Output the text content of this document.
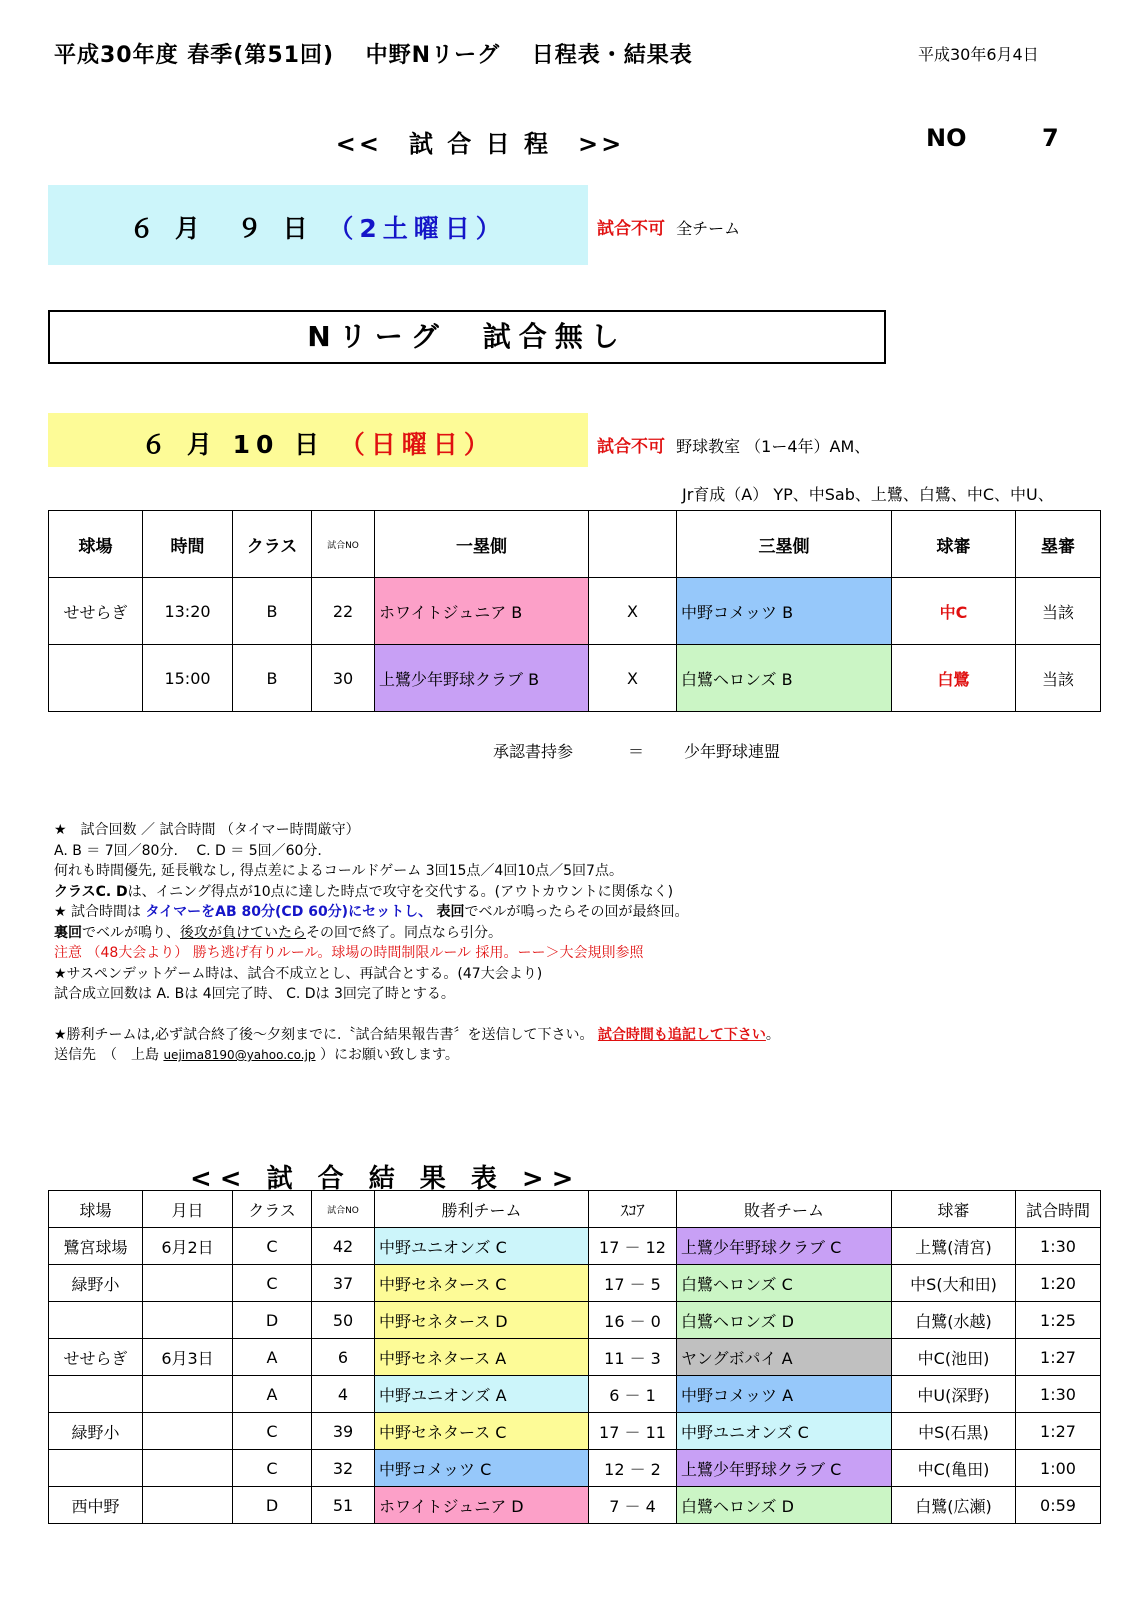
平成30年度 春季(第51回)　 中野Nリーグ　 日程表・結果表	平成30年6月4日
<<　試 合 日 程　>>	NO	7
６ 月　９ 日 （2土曜日）	試合不可 全チーム
Nリーグ　試合無し
６ 月 10 日 （日曜日）	試合不可 野球教室 （1ー4年）AM、
Jr育成（A） YP、中Sab、上鷺、白鷺、中C、中U、
球場	時間	クラス	試合NO	一塁側		三塁側	球審	塁審
せせらぎ	13:20	B	22	ホワイトジュニア B	X	中野コメッツ B	中C	当該
	15:00	B	30	上鷺少年野球クラブ B	X	白鷺ヘロンズ B	白鷺	当該
承認書持参	＝ 少年野球連盟
★　試合回数 ／ 試合時間 （タイマー時間厳守）
A. B ＝ 7回／80分.　 C. D ＝ 5回／60分.
何れも時間優先, 延長戦なし, 得点差によるコールドゲーム 3回15点／4回10点／5回7点。
クラスC. Dは、イニング得点が10点に達した時点で攻守を交代する。(アウトカウントに関係なく)
★ 試合時間は タイマーをAB 80分(CD 60分)にセットし、 表回でベルが鳴ったらその回が最終回。
裏回でベルが鳴り、後攻が負けていたらその回で終了。同点なら引分。
注意 （48大会より） 勝ち逃げ有りルール。球場の時間制限ルール 採用。ーー＞大会規則参照
★サスペンデットゲーム時は、試合不成立とし、再試合とする。(47大会より)
試合成立回数は A. Bは 4回完了時、 C. Dは 3回完了時とする。
★勝利チームは,必ず試合終了後～夕刻までに.〝試合結果報告書〞を送信して下さい。 試合時間も追記して下さい。
送信先　（　上島 uejima8190@yahoo.co.jp ）にお願い致します。
<< 試 合 結 果 表 >>
球場	月日	クラス	試合NO	勝利チーム	ｽｺｱ	敗者チーム	球審	試合時間
鷺宮球場	6月2日	C	42	中野ユニオンズ C	17 － 12	上鷺少年野球クラブ C	上鷺(清宮)	1:30
緑野小		C	37	中野セネタース C	17 － 5	白鷺ヘロンズ C	中S(大和田)	1:20
		D	50	中野セネタース D	16 － 0	白鷺ヘロンズ D	白鷺(水越)	1:25
せせらぎ	6月3日	A	6	中野セネタース A	11 － 3	ヤングボパイ A	中C(池田)	1:27
		A	4	中野ユニオンズ A	6 － 1	中野コメッツ A	中U(深野)	1:30
緑野小		C	39	中野セネタース C	17 － 11	中野ユニオンズ C	中S(石黒)	1:27
		C	32	中野コメッツ C	12 － 2	上鷺少年野球クラブ C	中C(亀田)	1:00
西中野		D	51	ホワイトジュニア D	7 － 4	白鷺ヘロンズ D	白鷺(広瀬)	0:59
